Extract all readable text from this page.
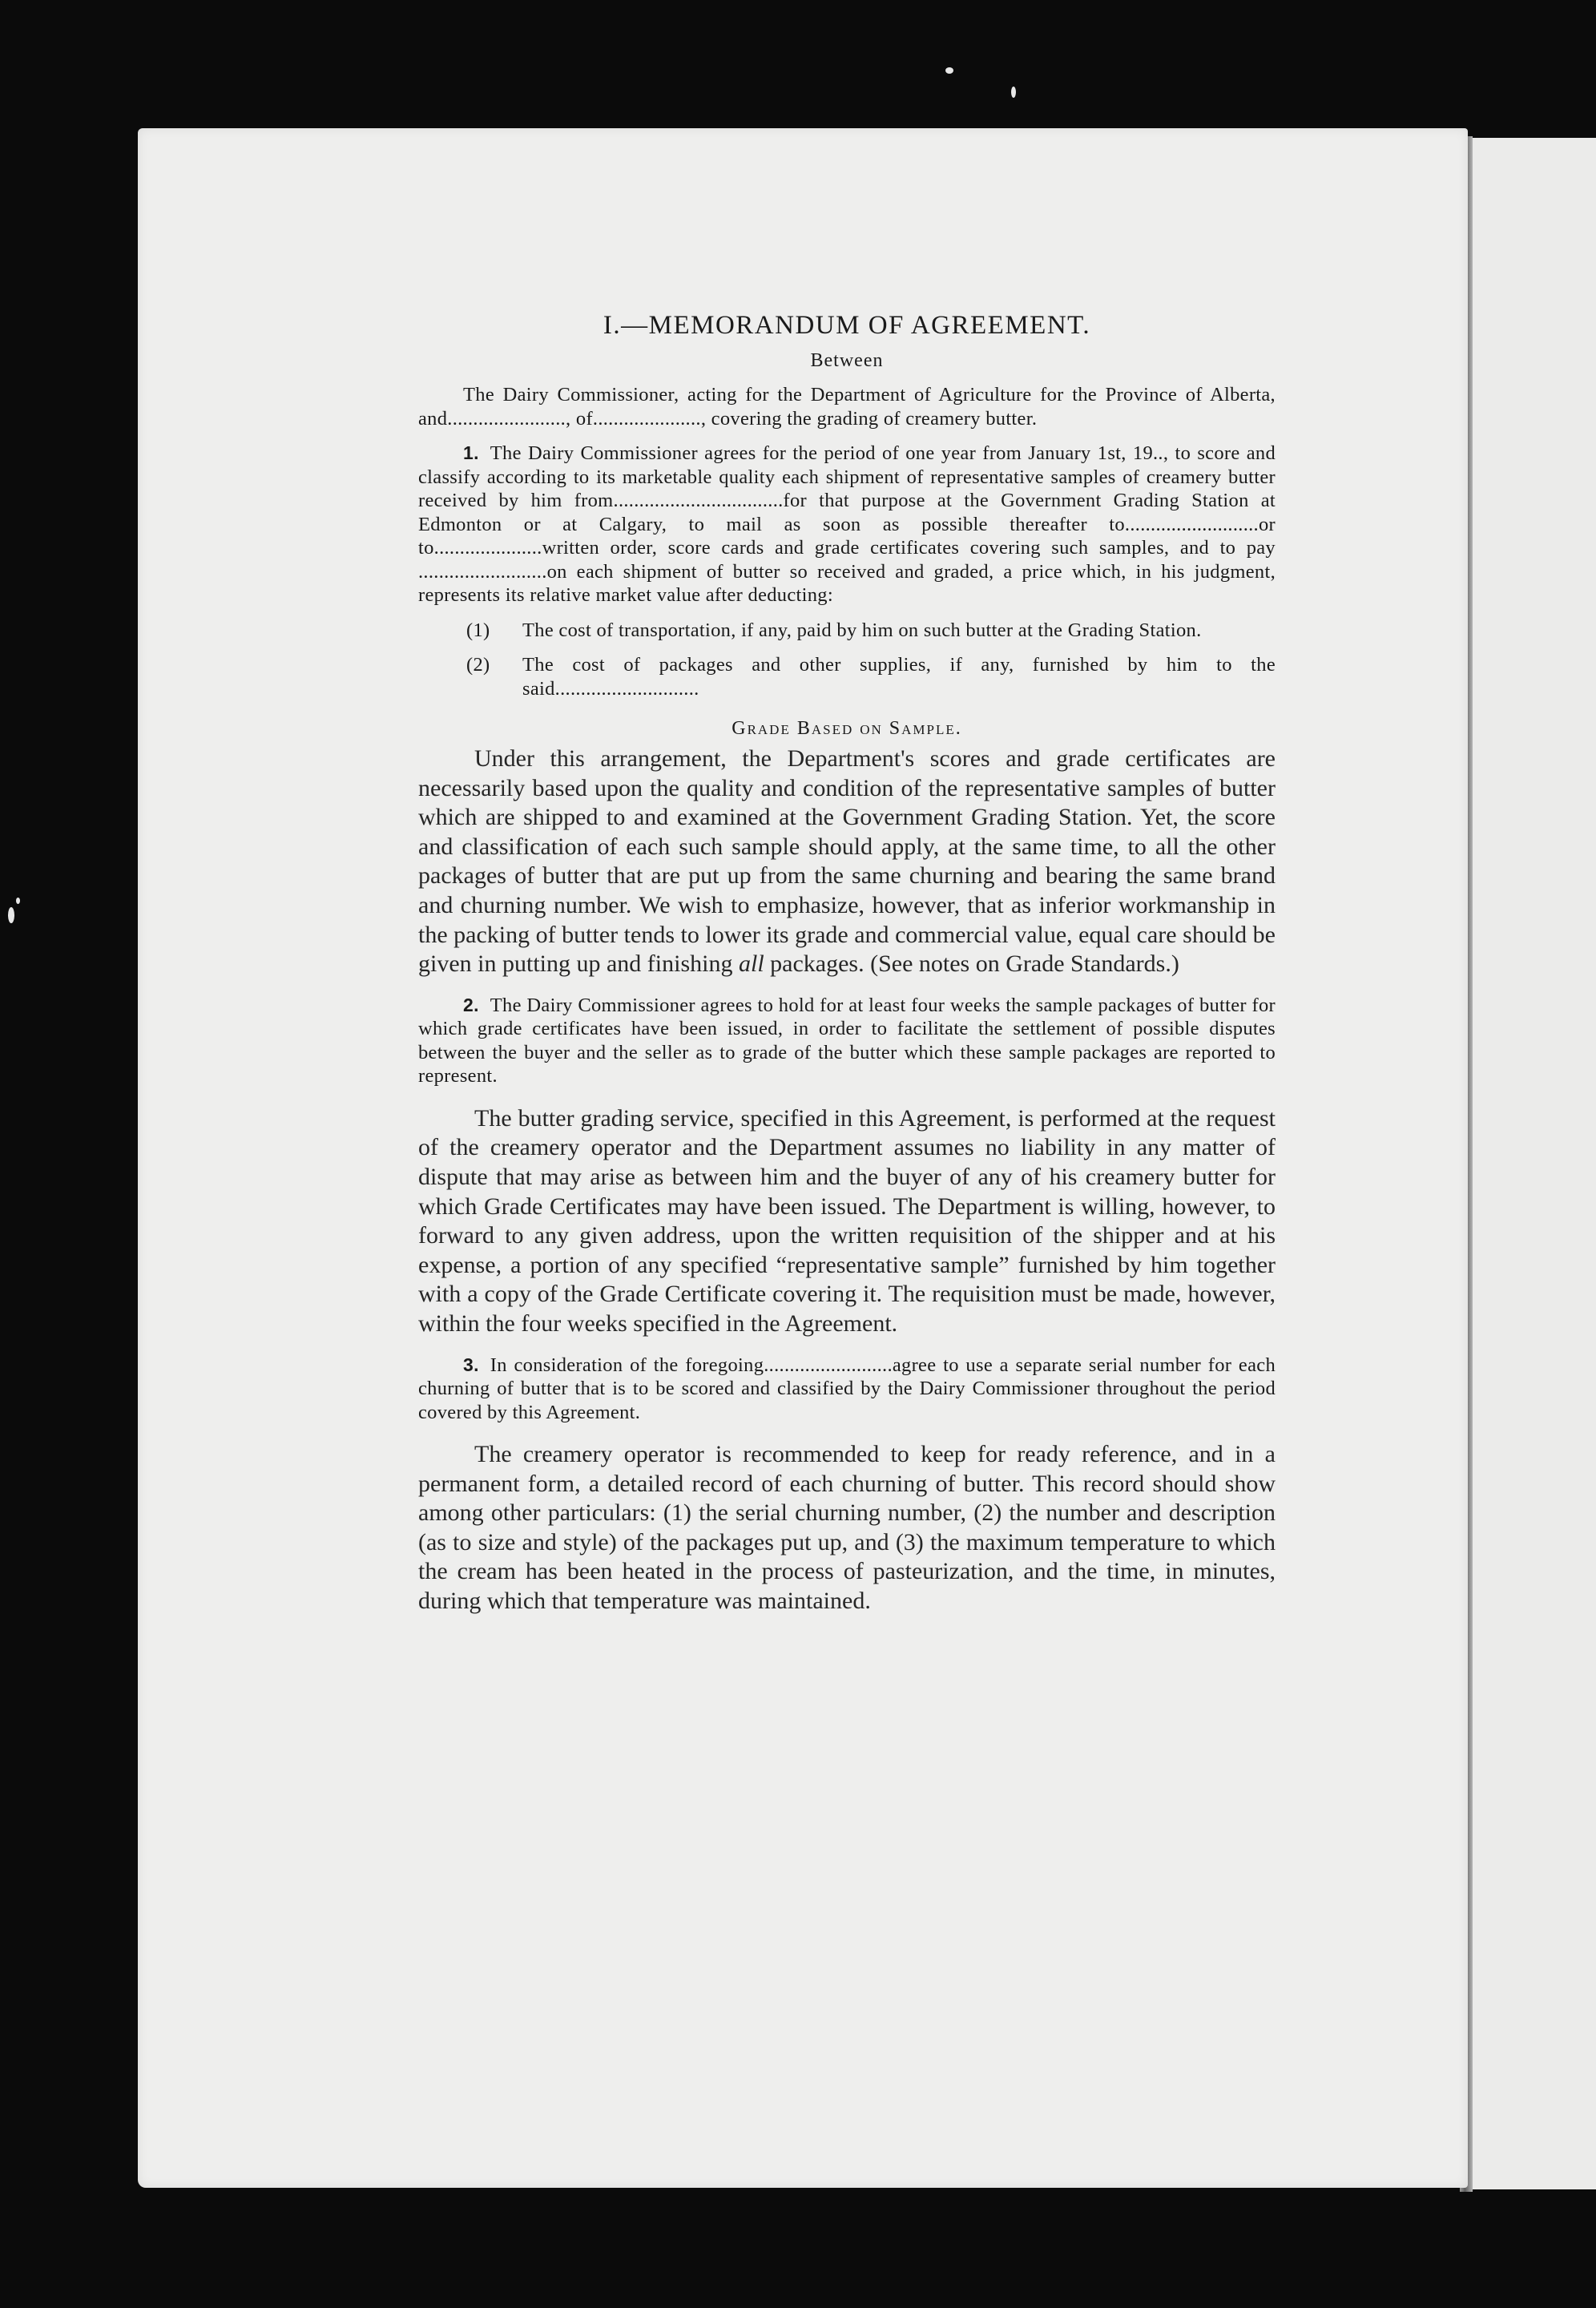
I.—MEMORANDUM OF AGREEMENT.
Between

The Dairy Commissioner, acting for the Department of Agriculture for the Province of Alberta, and......................., of....................., covering the grading of creamery butter.

1. The Dairy Commissioner agrees for the period of one year from January 1st, 19.., to score and classify according to its marketable quality each shipment of representative samples of creamery butter received by him from.................................for that purpose at the Government Grading Station at Edmonton or at Calgary, to mail as soon as possible thereafter to..........................or to.....................written order, score cards and grade certificates covering such samples, and to pay .........................on each shipment of butter so received and graded, a price which, in his judgment, represents its relative market value after deducting:

(1)	The cost of transportation, if any, paid by him on such butter at the Grading Station.
(2)	The cost of packages and other supplies, if any, furnished by him to the said............................
Grade Based on Sample.

Under this arrangement, the Department's scores and grade certificates are necessarily based upon the quality and condition of the representative samples of butter which are shipped to and examined at the Government Grading Station. Yet, the score and classification of each such sample should apply, at the same time, to all the other packages of butter that are put up from the same churning and bearing the same brand and churning number. We wish to emphasize, however, that as inferior workmanship in the packing of butter tends to lower its grade and commercial value, equal care should be given in putting up and finishing all packages. (See notes on Grade Standards.)

2. The Dairy Commissioner agrees to hold for at least four weeks the sample packages of butter for which grade certificates have been issued, in order to facilitate the settlement of possible disputes between the buyer and the seller as to grade of the butter which these sample packages are reported to represent.

The butter grading service, specified in this Agreement, is performed at the request of the creamery operator and the Department assumes no liability in any matter of dispute that may arise as between him and the buyer of any of his creamery butter for which Grade Certificates may have been issued. The Department is willing, however, to forward to any given address, upon the written requisition of the shipper and at his expense, a portion of any specified “representative sample” furnished by him together with a copy of the Grade Certificate covering it. The requisition must be made, however, within the four weeks specified in the Agreement.

3. In consideration of the foregoing.........................agree to use a separate serial number for each churning of butter that is to be scored and classified by the Dairy Commissioner throughout the period covered by this Agreement.

The creamery operator is recommended to keep for ready reference, and in a permanent form, a detailed record of each churning of butter. This record should show among other particulars: (1) the serial churning number, (2) the number and description (as to size and style) of the packages put up, and (3) the maximum temperature to which the cream has been heated in the process of pasteurization, and the time, in minutes, during which that temperature was maintained.
